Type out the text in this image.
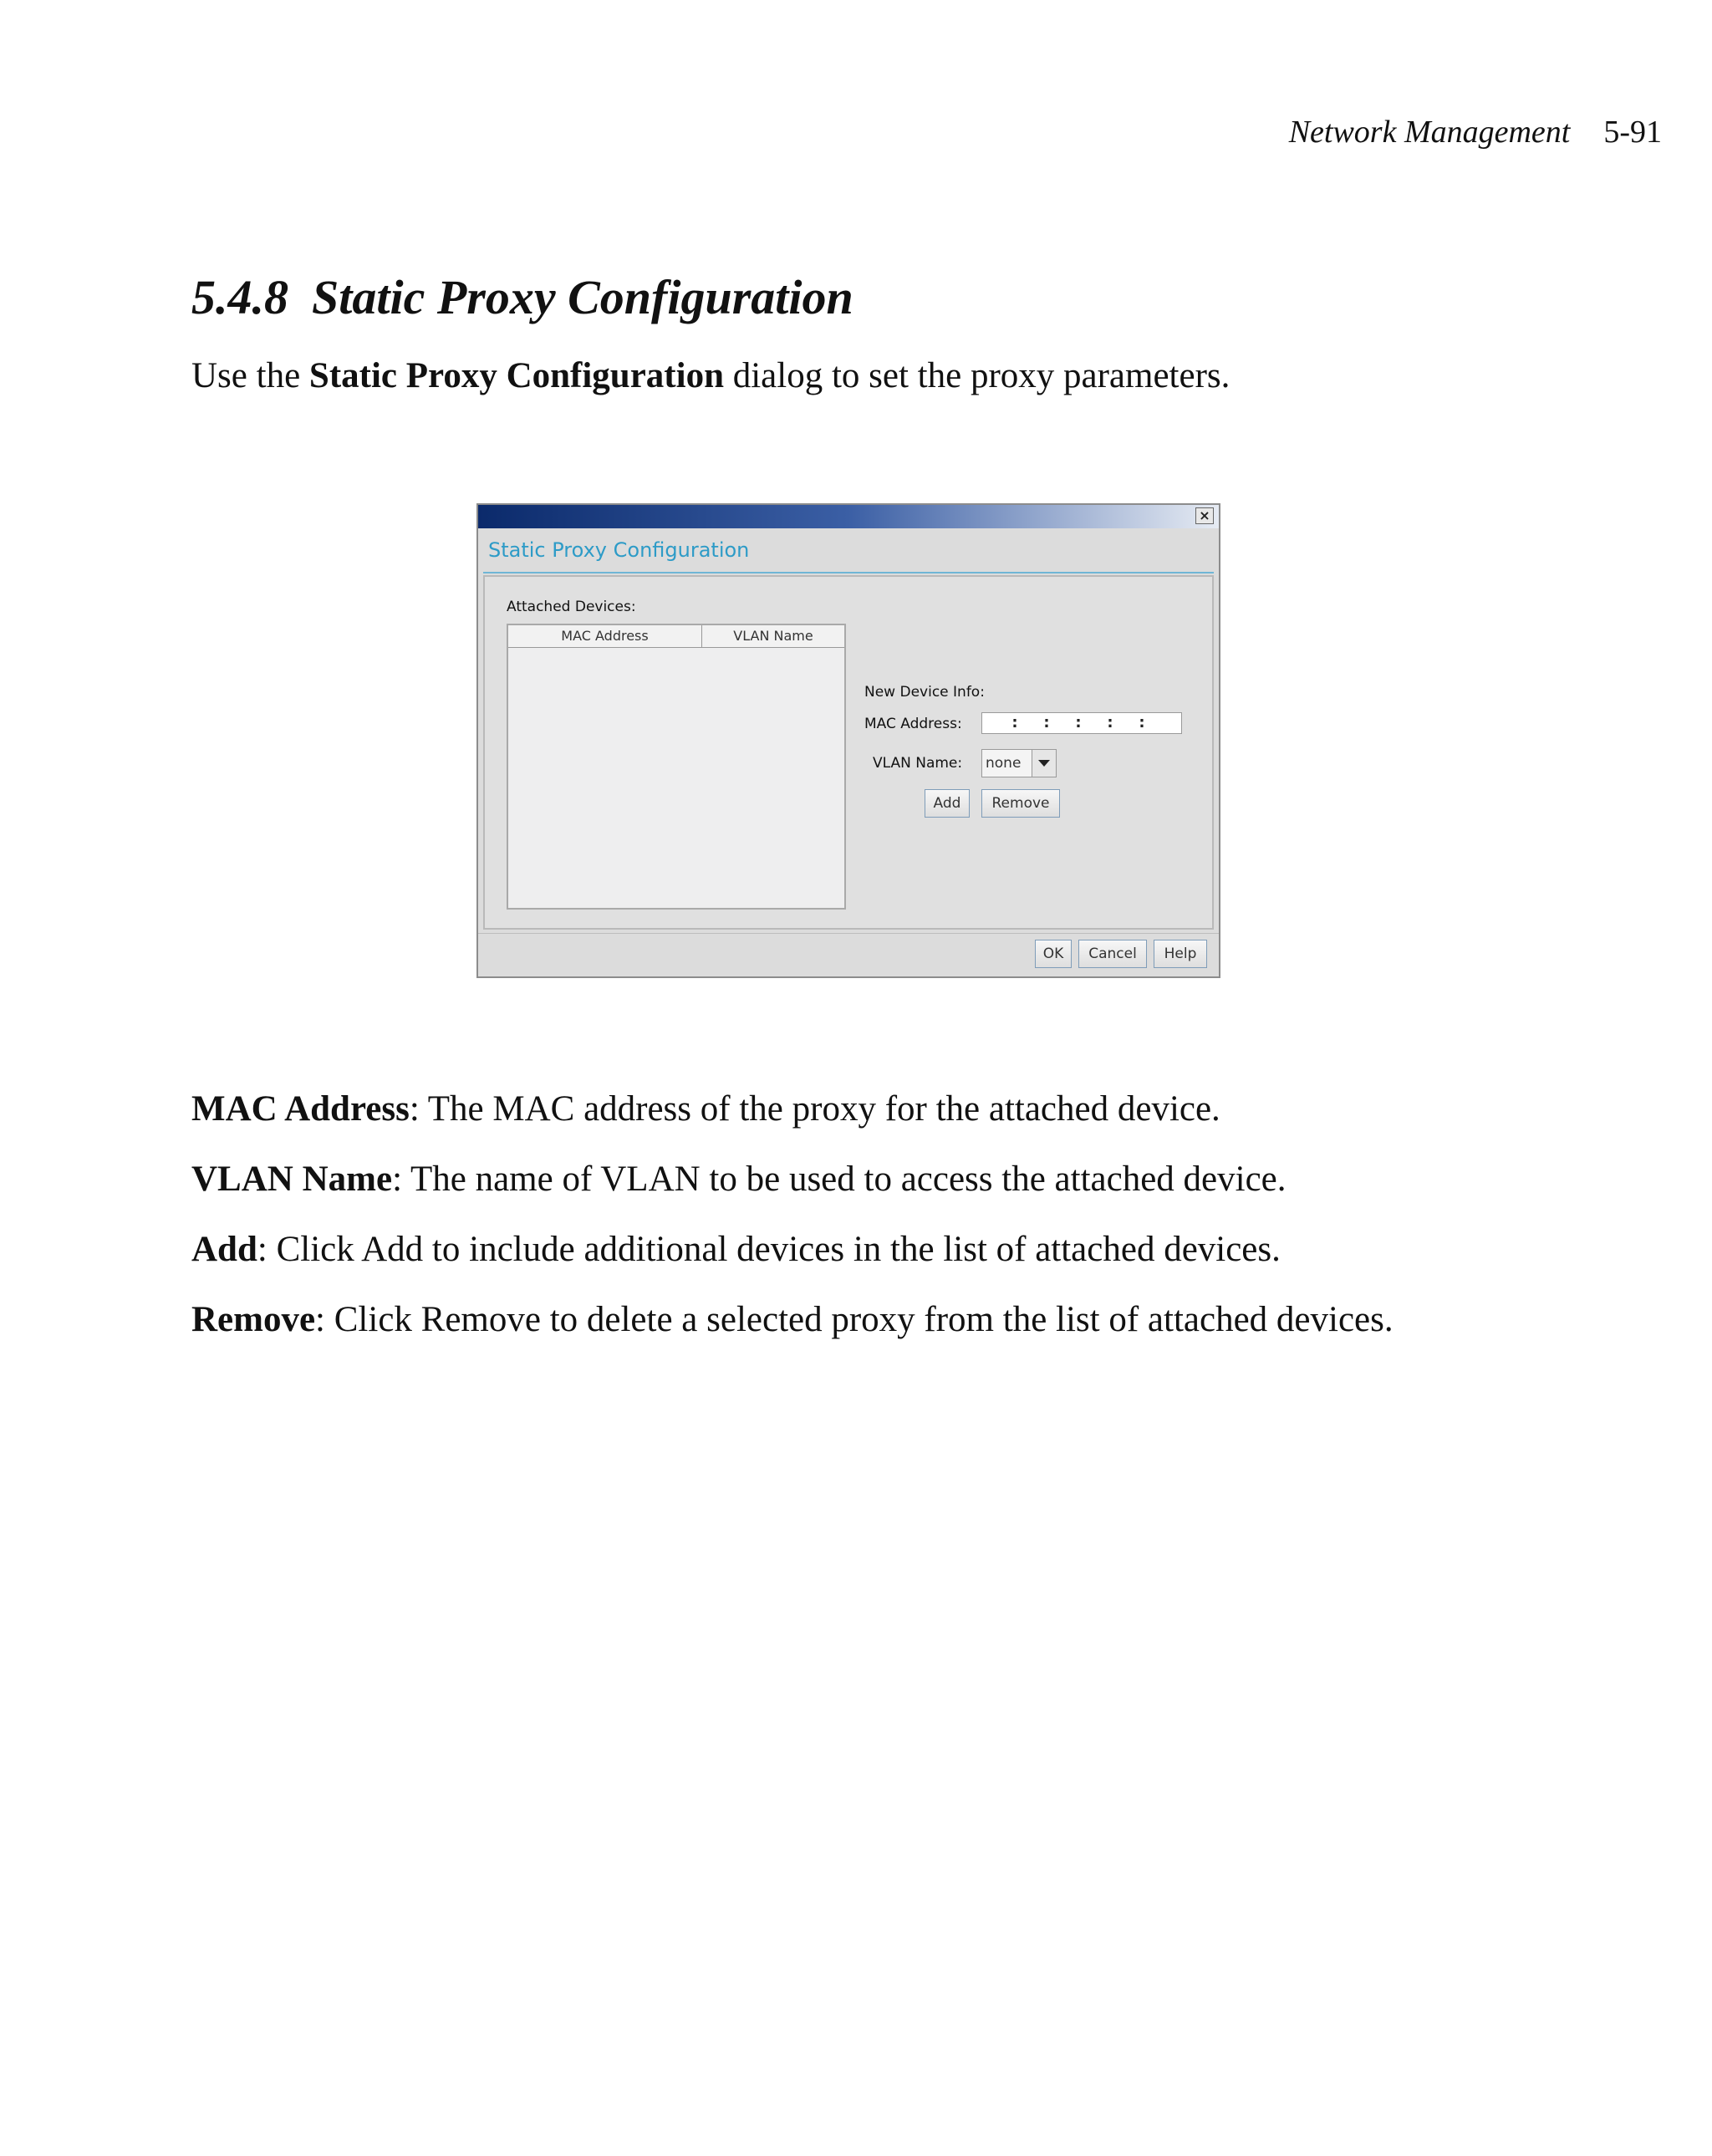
Network Management 5-91
5.4.8 Static Proxy Configuration

Use the Static Proxy Configuration dialog to set the proxy parameters.

×
Static Proxy Configuration
Attached Devices:
MAC Address	VLAN Name
New Device Info:
MAC Address:	: : : : :
VLAN Name: none
Add	Remove
OK	Cancel	Help

MAC Address: The MAC address of the proxy for the attached device.

VLAN Name: The name of VLAN to be used to access the attached device.

Add: Click Add to include additional devices in the list of attached devices.

Remove: Click Remove to delete a selected proxy from the list of attached devices.
